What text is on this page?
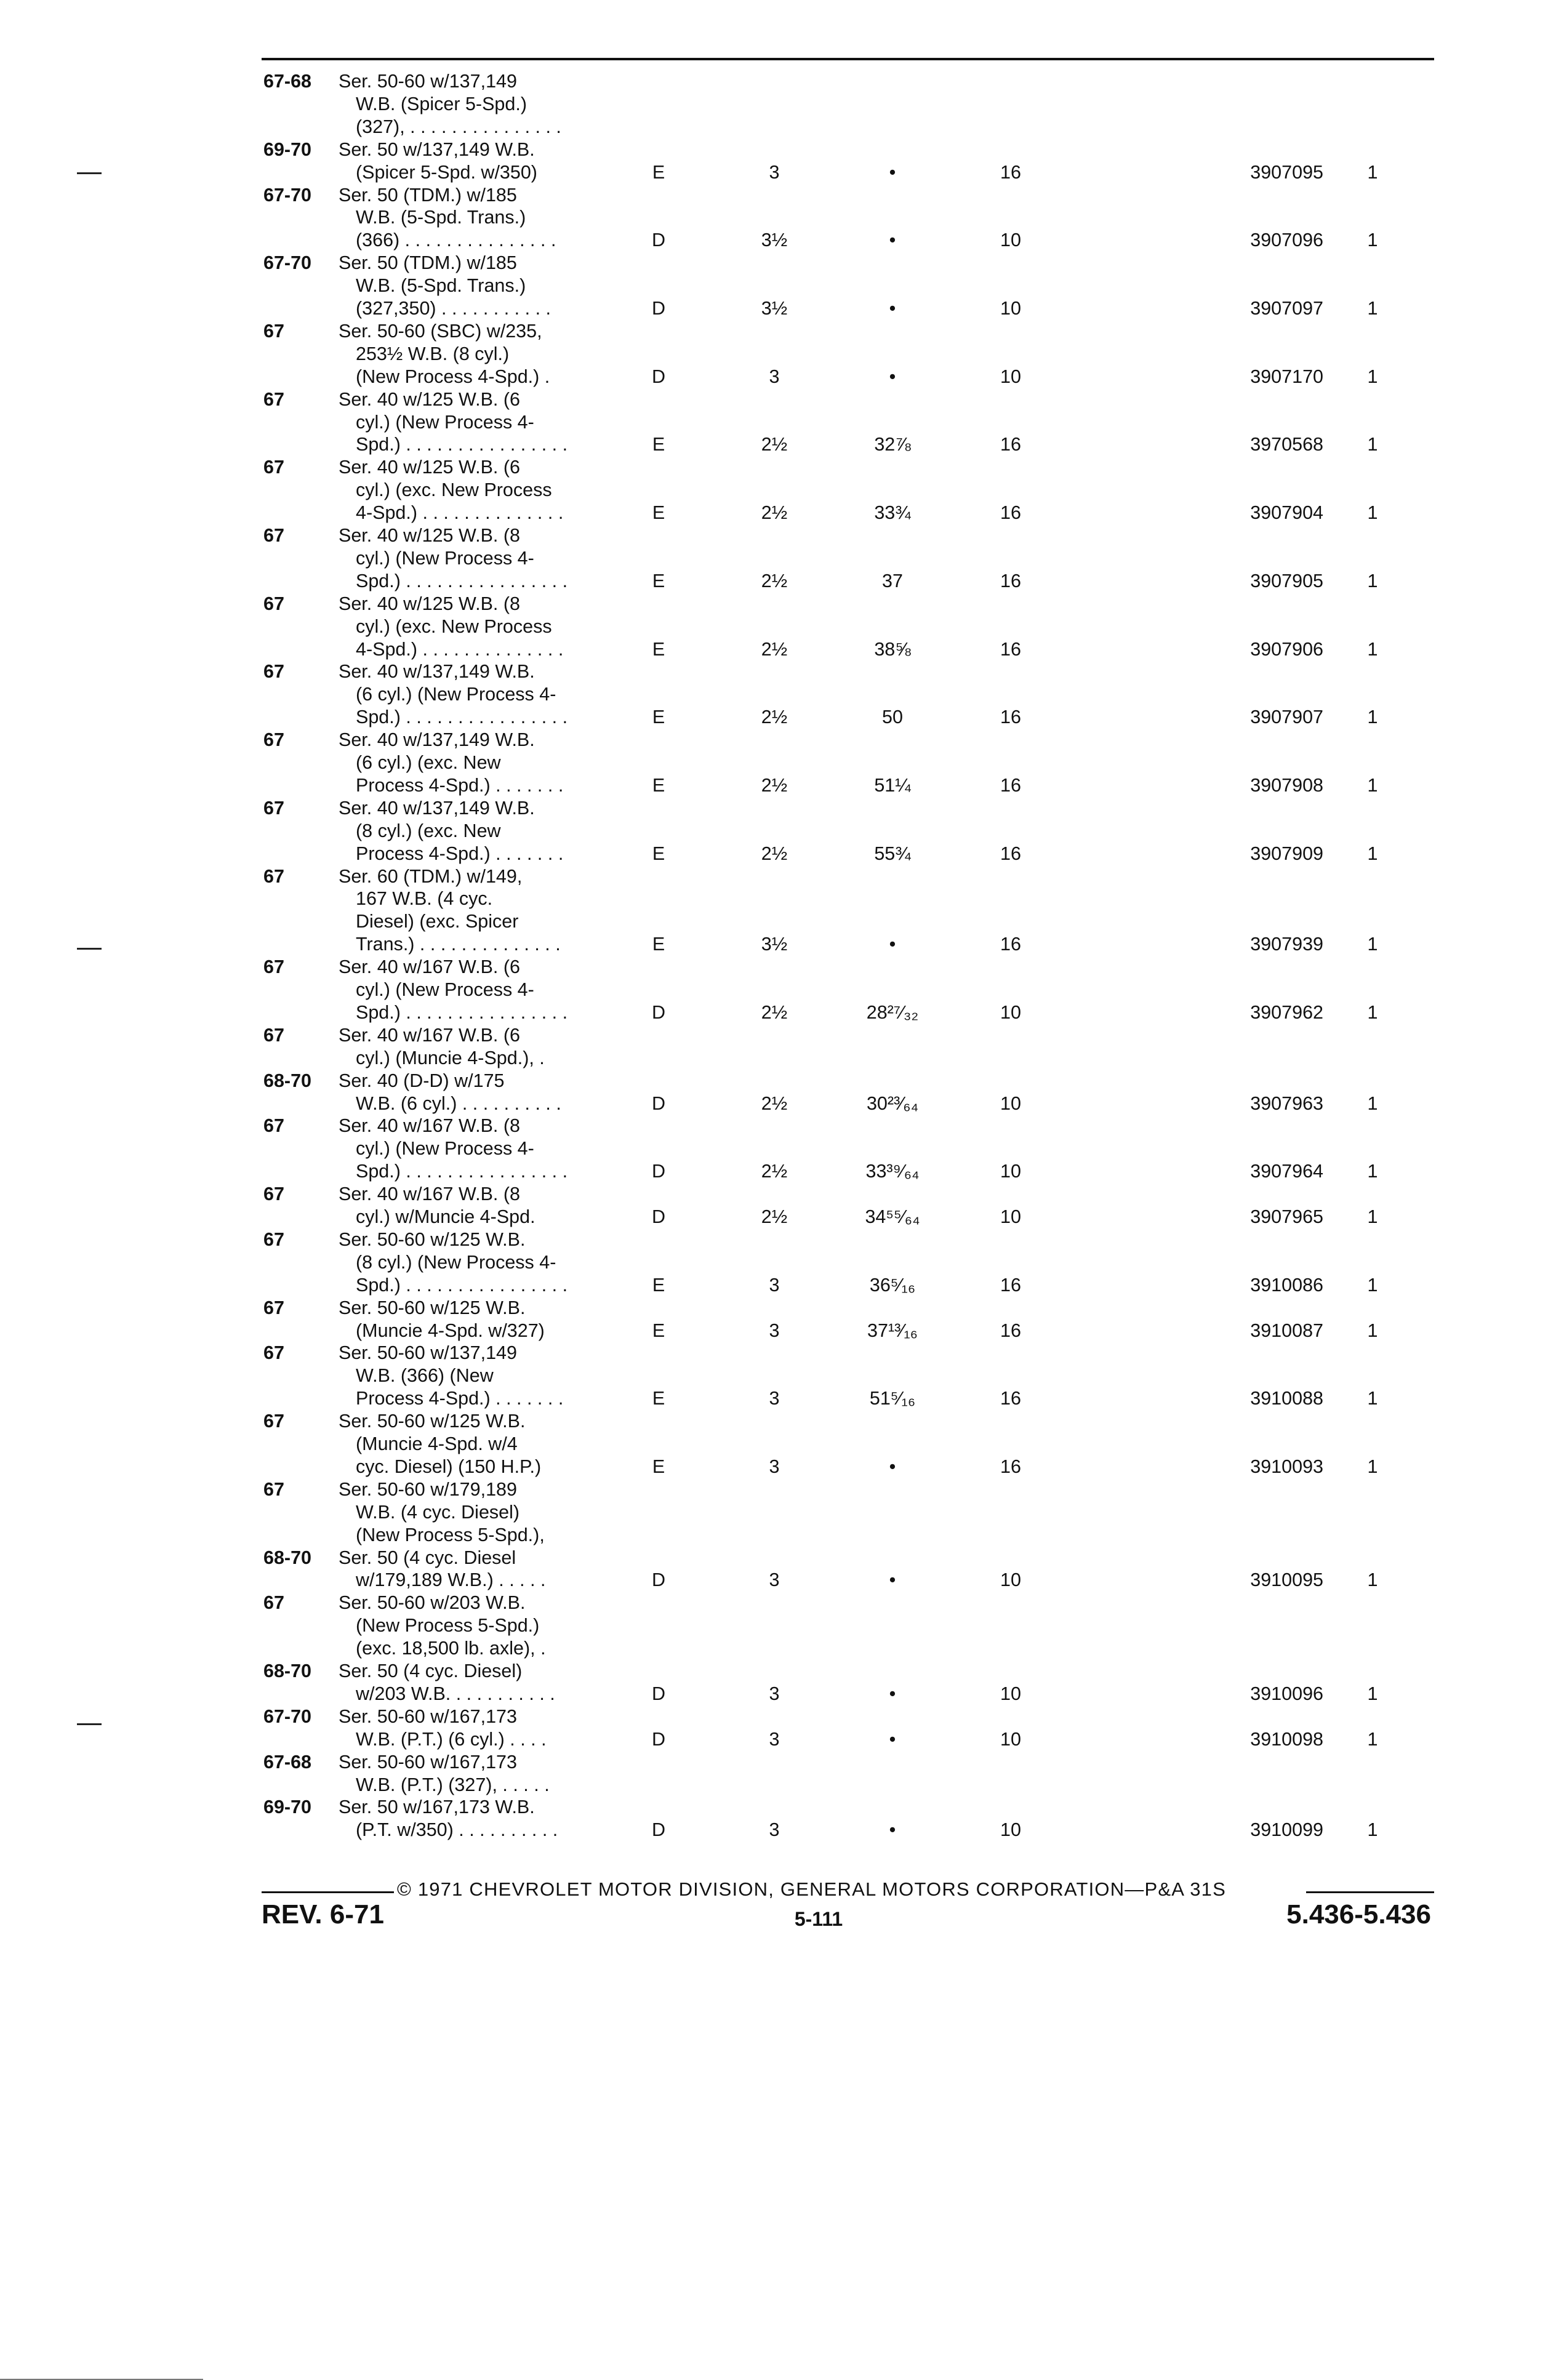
67-68 Ser. 50-60 w/137,149
W.B. (Spicer 5-Spd.)
(327), . . . . . . . . . . . . . . .
69-70 Ser. 50 w/137,149 W.B.
(Spicer 5-Spd. w/350)	E	3	•	16	3907095	1
67-70 Ser. 50 (TDM.) w/185
W.B. (5-Spd. Trans.)
(366) . . . . . . . . . . . . . . .	D	3½	•	10	3907096	1
67-70 Ser. 50 (TDM.) w/185
W.B. (5-Spd. Trans.)
(327,350) . . . . . . . . . . .	D	3½	•	10	3907097	1
67	Ser. 50-60 (SBC) w/235,
253½ W.B. (8 cyl.)
(New Process 4-Spd.) .	D	3	•	10	3907170	1
67	Ser. 40 w/125 W.B. (6
cyl.) (New Process 4-
Spd.) . . . . . . . . . . . . . . . .	E	2½	32⅞	16	3970568	1
67	Ser. 40 w/125 W.B. (6
cyl.) (exc. New Process
4-Spd.) . . . . . . . . . . . . . .	E	2½	33¾	16	3907904	1
67	Ser. 40 w/125 W.B. (8
cyl.) (New Process 4-
Spd.) . . . . . . . . . . . . . . . .	E	2½	37	16	3907905	1
67	Ser. 40 w/125 W.B. (8
cyl.) (exc. New Process
4-Spd.) . . . . . . . . . . . . . .	E	2½	38⅝	16	3907906	1
67	Ser. 40 w/137,149 W.B.
(6 cyl.) (New Process 4-
Spd.) . . . . . . . . . . . . . . . .	E	2½	50	16	3907907	1
67	Ser. 40 w/137,149 W.B.
(6 cyl.) (exc. New
Process 4-Spd.) . . . . . . .	E	2½	51¼	16	3907908	1
67	Ser. 40 w/137,149 W.B.
(8 cyl.) (exc. New
Process 4-Spd.) . . . . . . .	E	2½	55¾	16	3907909	1
67	Ser. 60 (TDM.) w/149,
167 W.B. (4 cyc.
Diesel) (exc. Spicer
Trans.) . . . . . . . . . . . . . .	E	3½	•	16	3907939	1
67	Ser. 40 w/167 W.B. (6
cyl.) (New Process 4-
Spd.) . . . . . . . . . . . . . . . .	D	2½	28²⁷⁄₃₂	10	3907962	1
67	Ser. 40 w/167 W.B. (6
cyl.) (Muncie 4-Spd.), .
68-70 Ser. 40 (D-D) w/175
W.B. (6 cyl.) . . . . . . . . . .	D	2½	30²³⁄₆₄	10	3907963	1
67	Ser. 40 w/167 W.B. (8
cyl.) (New Process 4-
Spd.) . . . . . . . . . . . . . . . .	D	2½	33³⁹⁄₆₄	10	3907964	1
67	Ser. 40 w/167 W.B. (8
cyl.) w/Muncie 4-Spd.	D	2½	34⁵⁵⁄₆₄	10	3907965	1
67	Ser. 50-60 w/125 W.B.
(8 cyl.) (New Process 4-
Spd.) . . . . . . . . . . . . . . . .	E	3	36⁵⁄₁₆	16	3910086	1
67	Ser. 50-60 w/125 W.B.
(Muncie 4-Spd. w/327)	E	3	37¹³⁄₁₆	16	3910087	1
67	Ser. 50-60 w/137,149
W.B. (366) (New
Process 4-Spd.) . . . . . . .	E	3	51⁵⁄₁₆	16	3910088	1
67	Ser. 50-60 w/125 W.B.
(Muncie 4-Spd. w/4
cyc. Diesel) (150 H.P.)	E	3	•	16	3910093	1
67	Ser. 50-60 w/179,189
W.B. (4 cyc. Diesel)
(New Process 5-Spd.),
68-70 Ser. 50 (4 cyc. Diesel
w/179,189 W.B.) . . . . .	D	3	•	10	3910095	1
67	Ser. 50-60 w/203 W.B.
(New Process 5-Spd.)
(exc. 18,500 lb. axle), .
68-70 Ser. 50 (4 cyc. Diesel)
w/203 W.B. . . . . . . . . . .	D	3	•	10	3910096	1
67-70 Ser. 50-60 w/167,173
W.B. (P.T.) (6 cyl.) . . . .	D	3	•	10	3910098	1
67-68 Ser. 50-60 w/167,173
W.B. (P.T.) (327), . . . . .
69-70 Ser. 50 w/167,173 W.B.
(P.T. w/350) . . . . . . . . . .	D	3	•	10	3910099	1
© 1971 CHEVROLET MOTOR DIVISION, GENERAL MOTORS CORPORATION—P&A 31S
REV. 6-71	5-111	5.436-5.436
